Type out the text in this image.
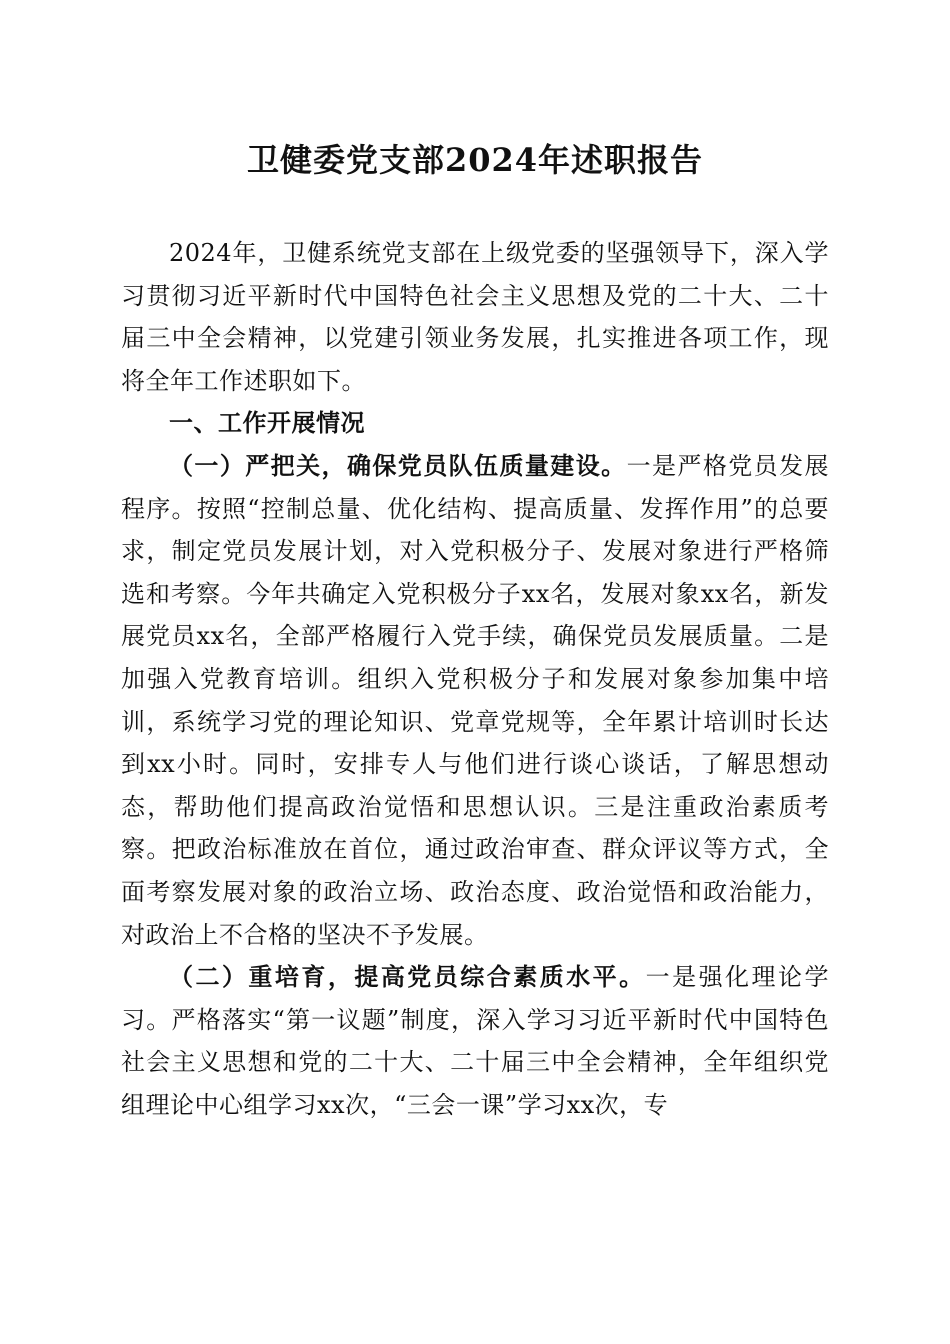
卫健委党支部2024年述职报告

2024年，卫健系统党支部在上级党委的坚强领导下，深入学习贯彻习近平新时代中国特色社会主义思想及党的二十大、二十届三中全会精神，以党建引领业务发展，扎实推进各项工作，现将全年工作述职如下。

一、工作开展情况

（一）严把关，确保党员队伍质量建设。一是严格党员发展程序。按照“控制总量、优化结构、提高质量、发挥作用”的总要求，制定党员发展计划，对入党积极分子、发展对象进行严格筛选和考察。今年共确定入党积极分子xx名，发展对象xx名，新发展党员xx名，全部严格履行入党手续，确保党员发展质量。二是加强入党教育培训。组织入党积极分子和发展对象参加集中培训，系统学习党的理论知识、党章党规等，全年累计培训时长达到xx小时。同时，安排专人与他们进行谈心谈话，了解思想动态，帮助他们提高政治觉悟和思想认识。三是注重政治素质考察。把政治标准放在首位，通过政治审查、群众评议等方式，全面考察发展对象的政治立场、政治态度、政治觉悟和政治能力，对政治上不合格的坚决不予发展。

（二）重培育，提高党员综合素质水平。一是强化理论学习。严格落实“第一议题”制度，深入学习习近平新时代中国特色社会主义思想和党的二十大、二十届三中全会精神，全年组织党组理论中心组学习xx次，“三会一课”学习xx次，专
